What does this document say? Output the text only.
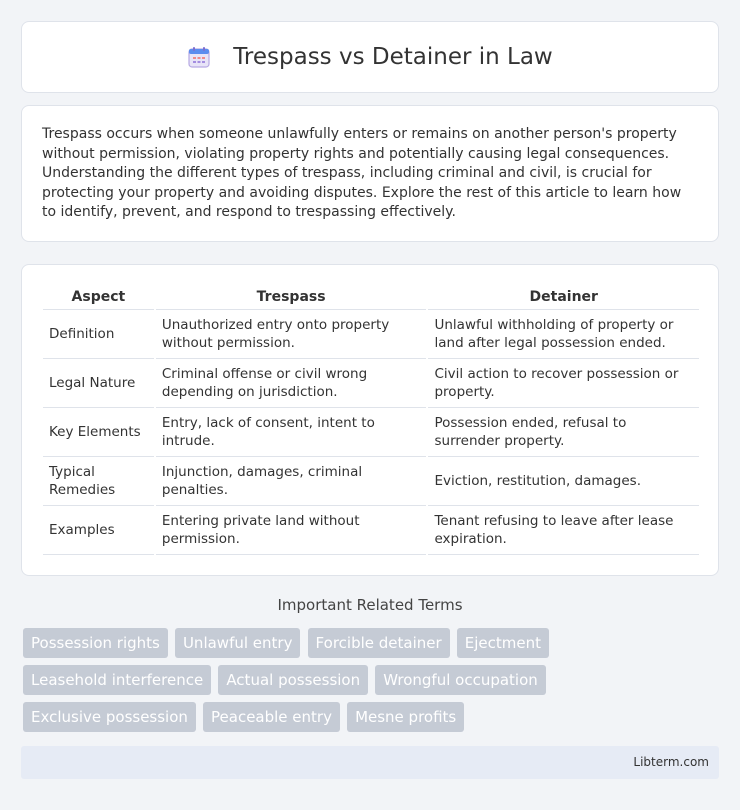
Trespass vs Detainer in Law

Trespass occurs when someone unlawfully enters or remains on another person's property without permission, violating property rights and potentially causing legal consequences. Understanding the different types of trespass, including criminal and civil, is crucial for protecting your property and avoiding disputes. Explore the rest of this article to learn how to identify, prevent, and respond to trespassing effectively.

Aspect		Trespass		Detainer
Definition		Unauthorized entry onto property without permission.		Unlawful withholding of property or land after legal possession ended.
Legal Nature		Criminal offense or civil wrong depending on jurisdiction.		Civil action to recover possession or property.
Key Elements		Entry, lack of consent, intent to intrude.		Possession ended, refusal to surrender property.
Typical Remedies		Injunction, damages, criminal penalties.		Eviction, restitution, damages.
Examples		Entering private land without permission.		Tenant refusing to leave after lease expiration.
Important Related Terms
Possession rights Unlawful entry Forcible detainer Ejectment Leasehold interference Actual possession Wrongful occupation Exclusive possession Peaceable entry Mesne profits
Libterm.com
